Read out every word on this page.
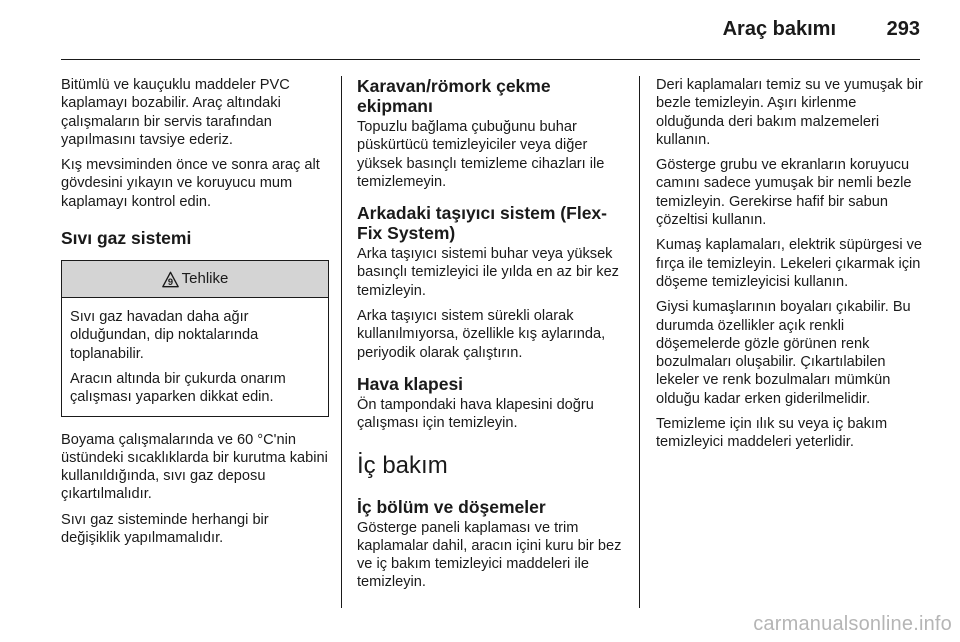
Araç bakımı	293

Bitümlü ve kauçuklu maddeler PVC kaplamayı bozabilir. Araç altındaki çalışmaların bir servis tarafından yapılmasını tavsiye ederiz.

Kış mevsiminden önce ve sonra araç alt gövdesini yıkayın ve koruyucu mum kaplamayı kontrol edin.

Sıvı gaz sistemi
9 Tehlike

Sıvı gaz havadan daha ağır olduğundan, dip noktalarında toplanabilir.

Aracın altında bir çukurda onarım çalışması yaparken dikkat edin.

Boyama çalışmalarında ve 60 °C'nin üstündeki sıcaklıklarda bir kurutma kabini kullanıldığında, sıvı gaz deposu çıkartılmalıdır.

Sıvı gaz sisteminde herhangi bir değişiklik yapılmamalıdır.

Karavan/römork çekme ekipmanı

Topuzlu bağlama çubuğunu buhar püskürtücü temizleyiciler veya diğer yüksek basınçlı temizleme cihazları ile temizlemeyin.

Arkadaki taşıyıcı sistem (Flex-Fix System)

Arka taşıyıcı sistemi buhar veya yüksek basınçlı temizleyici ile yılda en az bir kez temizleyin.

Arka taşıyıcı sistem sürekli olarak kullanılmıyorsa, özellikle kış aylarında, periyodik olarak çalıştırın.

Hava klapesi

Ön tampondaki hava klapesini doğru çalışması için temizleyin.

İç bakım
İç bölüm ve döşemeler

Gösterge paneli kaplaması ve trim kaplamalar dahil, aracın içini kuru bir bez ve iç bakım temizleyici maddeleri ile temizleyin.

Deri kaplamaları temiz su ve yumuşak bir bezle temizleyin. Aşırı kirlenme olduğunda deri bakım malzemeleri kullanın.

Gösterge grubu ve ekranların koruyucu camını sadece yumuşak bir nemli bezle temizleyin. Gerekirse hafif bir sabun çözeltisi kullanın.

Kumaş kaplamaları, elektrik süpürgesi ve fırça ile temizleyin. Lekeleri çıkarmak için döşeme temizleyicisi kullanın.

Giysi kumaşlarının boyaları çıkabilir. Bu durumda özellikler açık renkli döşemelerde gözle görünen renk bozulmaları oluşabilir. Çıkartılabilen lekeler ve renk bozulmaları mümkün olduğu kadar erken giderilmelidir.

Temizleme için ılık su veya iç bakım temizleyici maddeleri yeterlidir.

carmanualsonline.info
